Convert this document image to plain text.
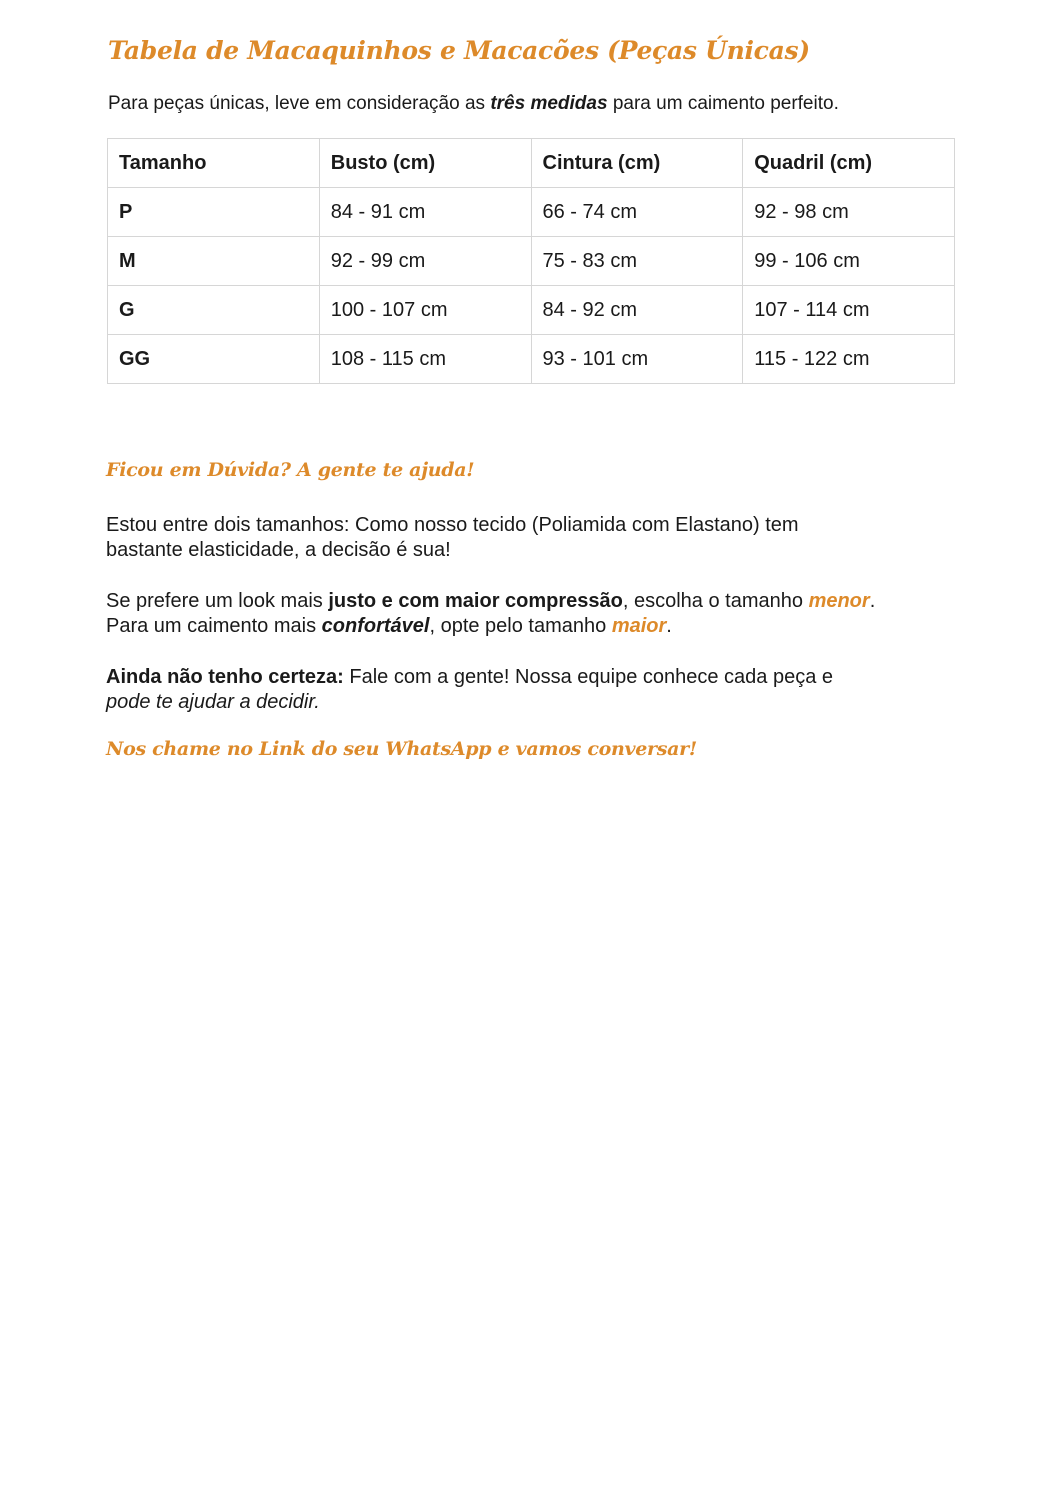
Tabela de Macaquinhos e Macacões (Peças Únicas)

Para peças únicas, leve em consideração as três medidas para um caimento perfeito.

Tamanho	Busto (cm)	Cintura (cm)	Quadril (cm)
P	84 - 91 cm	66 - 74 cm	92 - 98 cm
M	92 - 99 cm	75 - 83 cm	99 - 106 cm
G	100 - 107 cm	84 - 92 cm	107 - 114 cm
GG	108 - 115 cm	93 - 101 cm	115 - 122 cm
Ficou em Dúvida? A gente te ajuda!

Estou entre dois tamanhos: Como nosso tecido (Poliamida com Elastano) tem
bastante elasticidade, a decisão é sua!

Se prefere um look mais justo e com maior compressão, escolha o tamanho menor.
Para um caimento mais confortável, opte pelo tamanho maior.

Ainda não tenho certeza: Fale com a gente! Nossa equipe conhece cada peça e
pode te ajudar a decidir.

Nos chame no Link do seu WhatsApp e vamos conversar!
